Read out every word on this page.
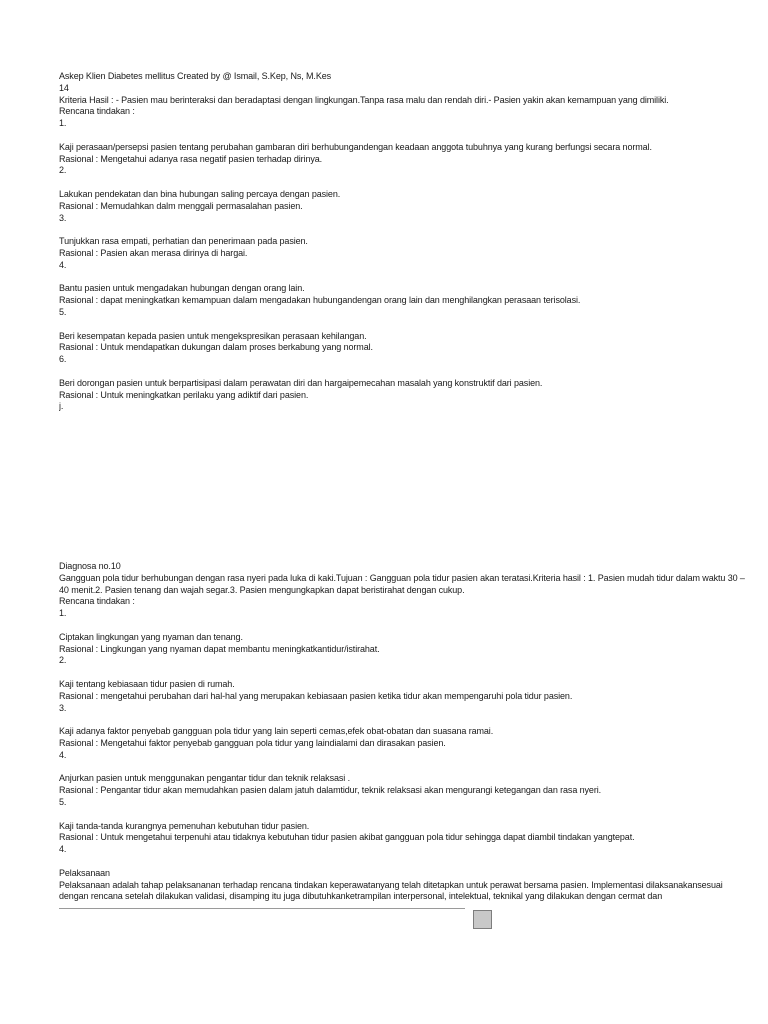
Askep Klien Diabetes mellitus Created by @ Ismail, S.Kep, Ns, M.Kes
14
Kriteria Hasil : - Pasien mau berinteraksi dan beradaptasi dengan lingkungan.Tanpa rasa malu dan rendah diri.- Pasien yakin akan kemampuan yang dimiliki.
Rencana tindakan :
1.

Kaji perasaan/persepsi pasien tentang perubahan gambaran diri berhubungandengan keadaan anggota tubuhnya yang kurang berfungsi secara normal.
Rasional : Mengetahui adanya rasa negatif pasien terhadap dirinya.
2.

Lakukan pendekatan dan bina hubungan saling percaya dengan pasien.
Rasional : Memudahkan dalm menggali permasalahan pasien.
3.

Tunjukkan rasa empati, perhatian dan penerimaan pada pasien.
Rasional : Pasien akan merasa dirinya di hargai.
4.

Bantu pasien untuk mengadakan hubungan dengan orang lain.
Rasional : dapat meningkatkan kemampuan dalam mengadakan hubungandengan orang lain dan menghilangkan perasaan terisolasi.
5.

Beri kesempatan kepada pasien untuk mengekspresikan perasaan kehilangan.
Rasional : Untuk mendapatkan dukungan dalam proses berkabung yang normal.
6.

Beri dorongan pasien untuk berpartisipasi dalam perawatan diri dan hargaipemecahan masalah yang konstruktif dari pasien.
Rasional : Untuk meningkatkan perilaku yang adiktif dari pasien.
j.
Diagnosa no.10
Gangguan pola tidur berhubungan dengan rasa nyeri pada luka di kaki.Tujuan : Gangguan pola tidur pasien akan teratasi.Kriteria hasil : 1. Pasien mudah tidur dalam waktu 30 –
40 menit.2. Pasien tenang dan wajah segar.3. Pasien mengungkapkan dapat beristirahat dengan cukup.
Rencana tindakan :
1.

Ciptakan lingkungan yang nyaman dan tenang.
Rasional : Lingkungan yang nyaman dapat membantu meningkatkantidur/istirahat.
2.

Kaji tentang kebiasaan tidur pasien di rumah.
Rasional : mengetahui perubahan dari hal-hal yang merupakan kebiasaan pasien ketika tidur akan mempengaruhi pola tidur pasien.
3.

Kaji adanya faktor penyebab gangguan pola tidur yang lain seperti cemas,efek obat-obatan dan suasana ramai.
Rasional : Mengetahui faktor penyebab gangguan pola tidur yang laindialami dan dirasakan pasien.
4.

Anjurkan pasien untuk menggunakan pengantar tidur dan teknik relaksasi .
Rasional : Pengantar tidur akan memudahkan pasien dalam jatuh dalamtidur, teknik relaksasi akan mengurangi ketegangan dan rasa nyeri.
5.

Kaji tanda-tanda kurangnya pemenuhan kebutuhan tidur pasien.
Rasional : Untuk mengetahui terpenuhi atau tidaknya kebutuhan tidur pasien akibat gangguan pola tidur sehingga dapat diambil tindakan yangtepat.
4.

Pelaksanaan
Pelaksanaan adalah tahap pelaksananan terhadap rencana tindakan keperawatanyang telah ditetapkan untuk perawat bersama pasien. Implementasi dilaksanakansesuai
dengan rencana setelah dilakukan validasi, disamping itu juga dibutuhkanketrampilan interpersonal, intelektual, teknikal yang dilakukan dengan cermat dan
